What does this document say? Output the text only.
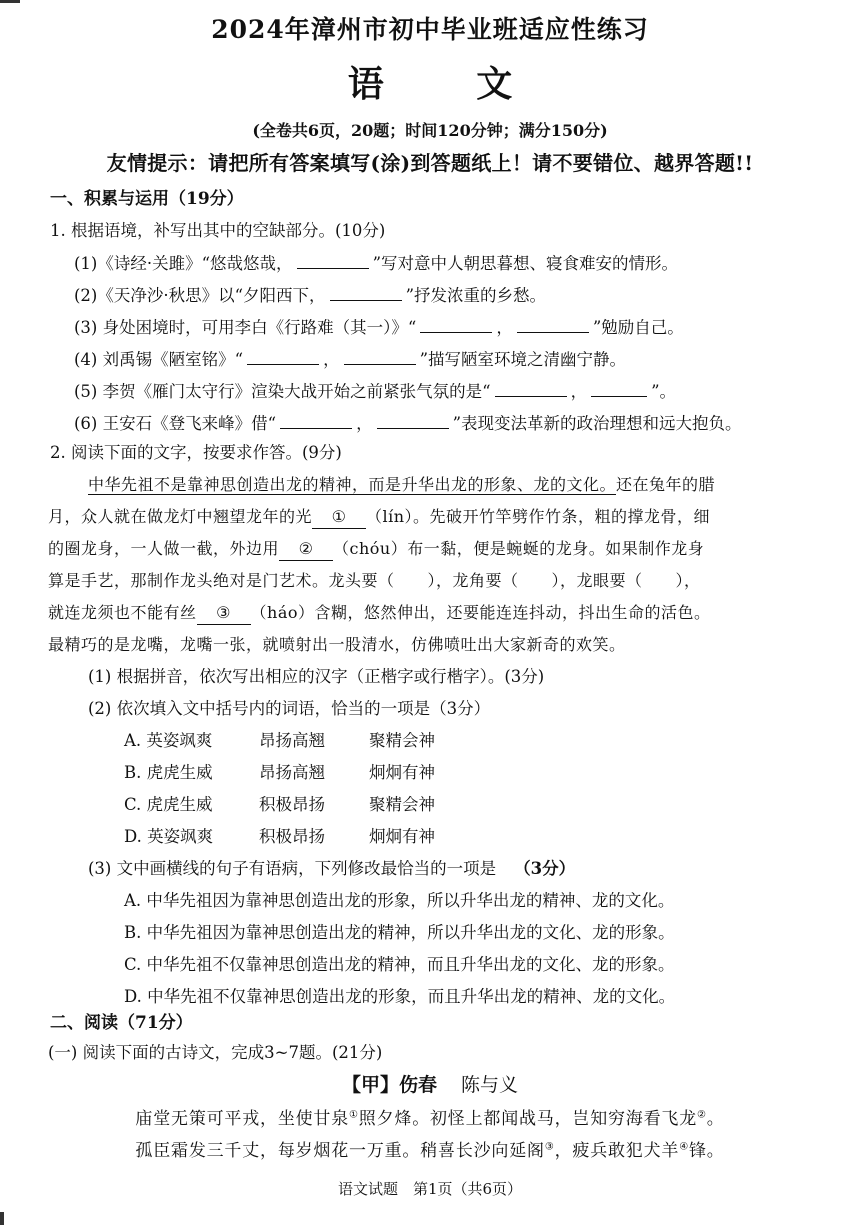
2024年漳州市初中毕业班适应性练习
语 文
(全卷共6页，20题；时间120分钟；满分150分)
友情提示：请把所有答案填写(涂)到答题纸上！请不要错位、越界答题!!
一、积累与运用（19分）
1. 根据语境，补写出其中的空缺部分。(10分)
(1)《诗经·关雎》“悠哉悠哉，	”写对意中人朝思暮想、寝食难安的情形。
(2)《天净沙·秋思》以“夕阳西下，	”抒发浓重的乡愁。
(3) 身处困境时，可用李白《行路难（其一）》“	，	”勉励自己。
(4) 刘禹锡《陋室铭》“	，	”描写陋室环境之清幽宁静。
(5) 李贺《雁门太守行》渲染大战开始之前紧张气氛的是“	，	”。
(6) 王安石《登飞来峰》借“	，	”表现变法革新的政治理想和远大抱负。
2. 阅读下面的文字，按要求作答。(9分)
中华先祖不是靠神思创造出龙的精神，而是升华出龙的形象、龙的文化。还在兔年的腊
月，众人就在做龙灯中翘望龙年的光 ① （lín）。先破开竹竿劈作竹条，粗的撑龙骨，细
的圈龙身，一人做一截，外边用 ② （chóu）布一黏，便是蜿蜒的龙身。如果制作龙身
算是手艺，那制作龙头绝对是门艺术。龙头要（　　），龙角要（　　），龙眼要（　　），
就连龙须也不能有丝 ③ （háo）含糊，悠然伸出，还要能连连抖动，抖出生命的活色。
最精巧的是龙嘴，龙嘴一张，就喷射出一股清水，仿佛喷吐出大家新奇的欢笑。
(1) 根据拼音，依次写出相应的汉字（正楷字或行楷字）。(3分)
(2) 依次填入文中括号内的词语，恰当的一项是（3分）
A. 英姿飒爽	昂扬高翘	聚精会神
B. 虎虎生威	昂扬高翘	炯炯有神
C. 虎虎生威	积极昂扬	聚精会神
D. 英姿飒爽	积极昂扬	炯炯有神
(3) 文中画横线的句子有语病，下列修改最恰当的一项是 （3分）
A. 中华先祖因为靠神思创造出龙的形象，所以升华出龙的精神、龙的文化。
B. 中华先祖因为靠神思创造出龙的精神，所以升华出龙的文化、龙的形象。
C. 中华先祖不仅靠神思创造出龙的精神，而且升华出龙的文化、龙的形象。
D. 中华先祖不仅靠神思创造出龙的形象，而且升华出龙的精神、龙的文化。
二、阅读（71分）
(一) 阅读下面的古诗文，完成3~7题。(21分)
【甲】伤春 陈与义
庙堂无策可平戎，坐使甘泉①照夕烽。初怪上都闻战马，岂知穷海看飞龙②。
孤臣霜发三千丈，每岁烟花一万重。稍喜长沙向延阁③，疲兵敢犯犬羊④锋。
语文试题　第1页（共6页）
